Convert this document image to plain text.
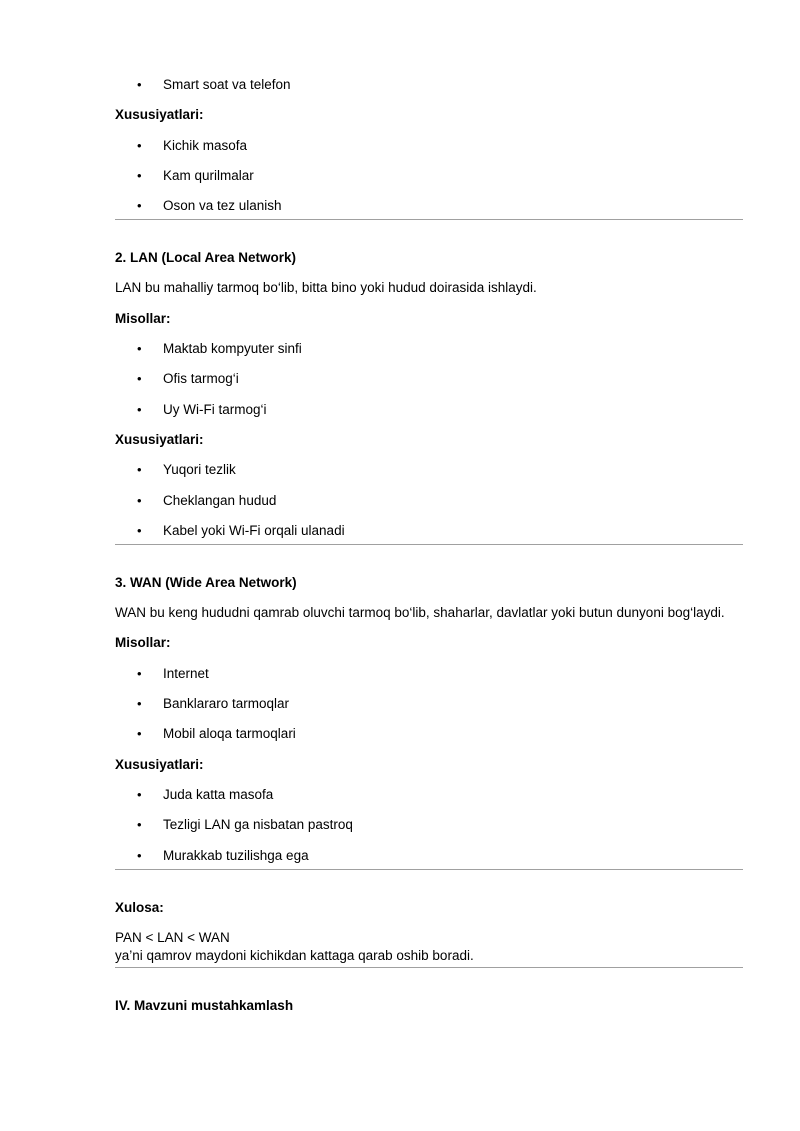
• Smart soat va telefon
Xususiyatlari:
• Kichik masofa
• Kam qurilmalar
• Oson va tez ulanish
2. LAN (Local Area Network)
LAN bu mahalliy tarmoq bo‘lib, bitta bino yoki hudud doirasida ishlaydi.
Misollar:
• Maktab kompyuter sinfi
• Ofis tarmog‘i
• Uy Wi-Fi tarmog‘i
Xususiyatlari:
• Yuqori tezlik
• Cheklangan hudud
• Kabel yoki Wi-Fi orqali ulanadi
3. WAN (Wide Area Network)
WAN bu keng hududni qamrab oluvchi tarmoq bo‘lib, shaharlar, davlatlar yoki butun dunyoni bog‘laydi.
Misollar:
• Internet
• Banklararo tarmoqlar
• Mobil aloqa tarmoqlari
Xususiyatlari:
• Juda katta masofa
• Tezligi LAN ga nisbatan pastroq
• Murakkab tuzilishga ega
Xulosa:
PAN < LAN < WAN
ya’ni qamrov maydoni kichikdan kattaga qarab oshib boradi.
IV. Mavzuni mustahkamlash
